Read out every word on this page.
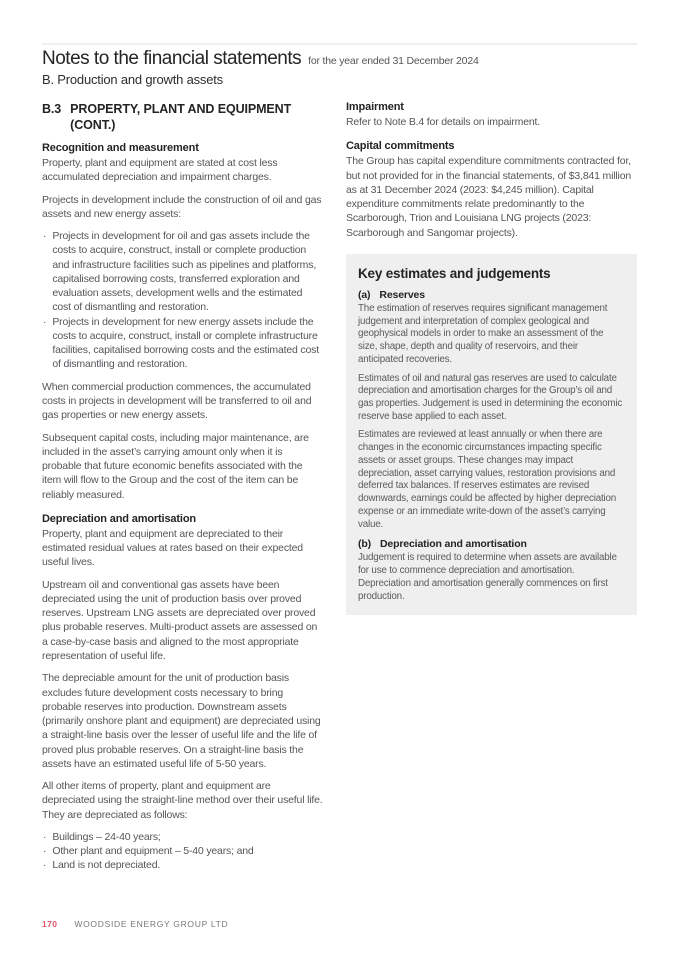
Notes to the financial statements for the year ended 31 December 2024
B. Production and growth assets
B.3 PROPERTY, PLANT AND EQUIPMENT (CONT.)
Recognition and measurement

Property, plant and equipment are stated at cost less accumulated depreciation and impairment charges.

Projects in development include the construction of oil and gas assets and new energy assets:

· Projects in development for oil and gas assets include the costs to acquire, construct, install or complete production and infrastructure facilities such as pipelines and platforms, capitalised borrowing costs, transferred exploration and evaluation assets, development wells and the estimated cost of dismantling and restoration.
· Projects in development for new energy assets include the costs to acquire, construct, install or complete infrastructure facilities, capitalised borrowing costs and the estimated cost of dismantling and restoration.

When commercial production commences, the accumulated costs in projects in development will be transferred to oil and gas properties or new energy assets.

Subsequent capital costs, including major maintenance, are included in the asset’s carrying amount only when it is probable that future economic benefits associated with the item will flow to the Group and the cost of the item can be reliably measured.

Depreciation and amortisation

Property, plant and equipment are depreciated to their estimated residual values at rates based on their expected useful lives.

Upstream oil and conventional gas assets have been depreciated using the unit of production basis over proved reserves. Upstream LNG assets are depreciated over proved plus probable reserves. Multi-product assets are assessed on a case-by-case basis and aligned to the most appropriate representation of useful life.

The depreciable amount for the unit of production basis excludes future development costs necessary to bring probable reserves into production. Downstream assets (primarily onshore plant and equipment) are depreciated using a straight-line basis over the lesser of useful life and the life of proved plus probable reserves. On a straight-line basis the assets have an estimated useful life of 5-50 years.

All other items of property, plant and equipment are depreciated using the straight-line method over their useful life. They are depreciated as follows:

· Buildings – 24-40 years;
· Other plant and equipment – 5-40 years; and
· Land is not depreciated.
Impairment

Refer to Note B.4 for details on impairment.

Capital commitments

The Group has capital expenditure commitments contracted for, but not provided for in the financial statements, of $3,841 million as at 31 December 2024 (2023: $4,245 million). Capital expenditure commitments relate predominantly to the Scarborough, Trion and Louisiana LNG projects (2023: Scarborough and Sangomar projects).

Key estimates and judgements
(a) Reserves

The estimation of reserves requires significant management judgement and interpretation of complex geological and geophysical models in order to make an assessment of the size, shape, depth and quality of reservoirs, and their anticipated recoveries.

Estimates of oil and natural gas reserves are used to calculate depreciation and amortisation charges for the Group’s oil and gas properties. Judgement is used in determining the economic reserve base applied to each asset.

Estimates are reviewed at least annually or when there are changes in the economic circumstances impacting specific assets or asset groups. These changes may impact depreciation, asset carrying values, restoration provisions and deferred tax balances. If reserves estimates are revised downwards, earnings could be affected by higher depreciation expense or an immediate write-down of the asset’s carrying value.

(b) Depreciation and amortisation

Judgement is required to determine when assets are available for use to commence depreciation and amortisation. Depreciation and amortisation generally commences on first production.

170 WOODSIDE ENERGY GROUP LTD
